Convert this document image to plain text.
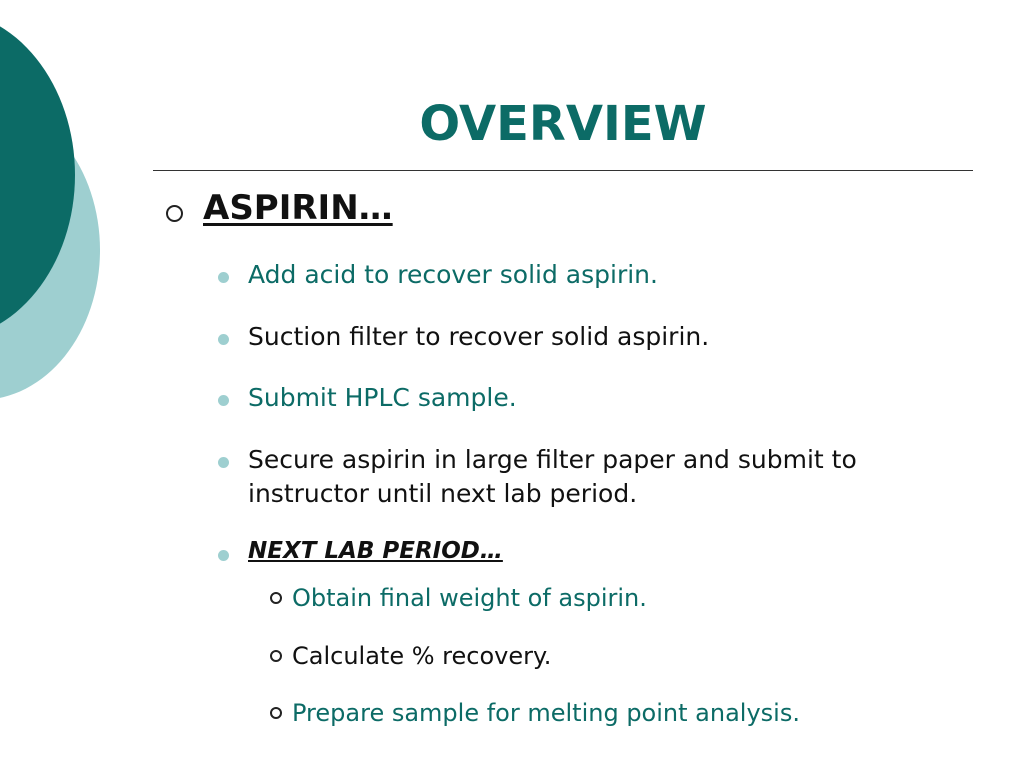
OVERVIEW
ASPIRIN…
Add acid to recover solid aspirin.
Suction filter to recover solid aspirin.
Submit HPLC sample.
Secure aspirin in large filter paper and submit to
instructor until next lab period.
NEXT LAB PERIOD…
Obtain final weight of aspirin.
Calculate % recovery.
Prepare sample for melting point analysis.
